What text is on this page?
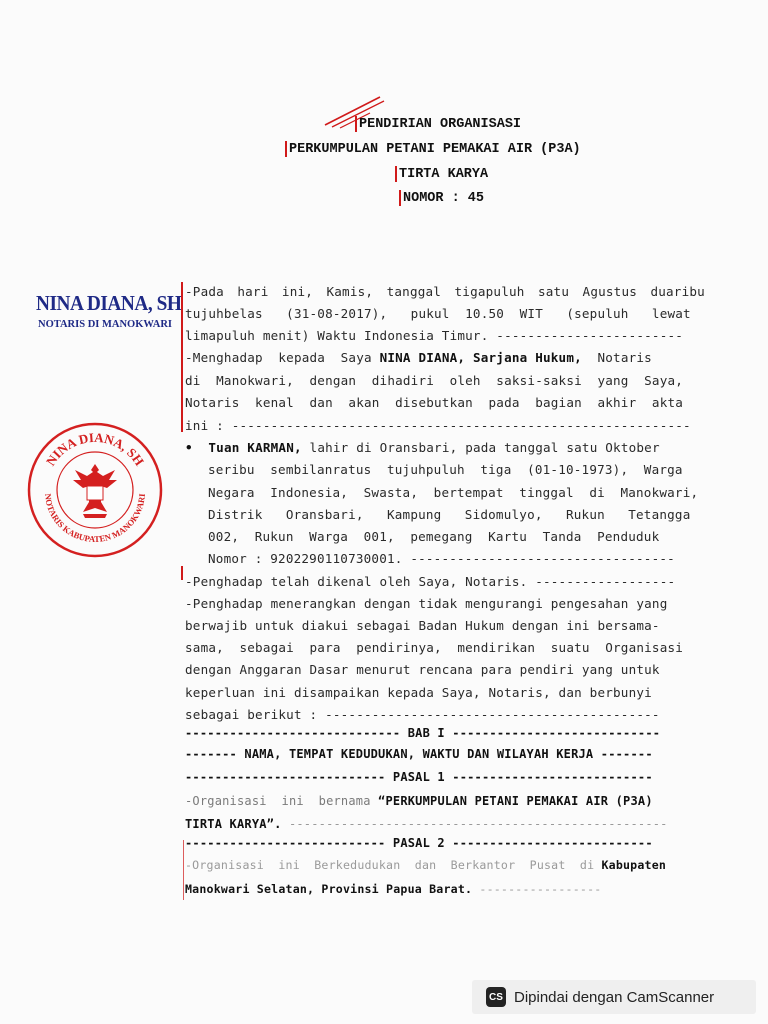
PENDIRIAN ORGANISASI
PERKUMPULAN PETANI PEMAKAI AIR (P3A)
TIRTA KARYA
NOMOR : 45
NINA DIANA, SH
NOTARIS DI MANOKWARI
NINA DIANA, SH
NOTARIS KABUPATEN MANOKWARI
-Pada hari ini, Kamis, tanggal tigapuluh satu Agustus duaribu
tujuhbelas   (31-08-2017),   pukul  10.50  WIT   (sepuluh   lewat
limapuluh menit) Waktu Indonesia Timur. ------------------------
-Menghadap  kepada  Saya NINA DIANA, Sarjana Hukum,  Notaris
di  Manokwari,  dengan  dihadiri  oleh  saksi-saksi  yang  Saya,
Notaris  kenal  dan  akan  disebutkan  pada  bagian  akhir  akta
ini : -----------------------------------------------------------
• Tuan KARMAN, lahir di Oransbari, pada tanggal satu Oktober
seribu  sembilanratus  tujuhpuluh  tiga  (01-10-1973),  Warga
Negara  Indonesia,  Swasta,  bertempat  tinggal  di  Manokwari,
Distrik   Oransbari,   Kampung   Sidomulyo,   Rukun   Tetangga
002,  Rukun  Warga  001,  pemegang  Kartu  Tanda  Penduduk
Nomor : 9202290110730001. ----------------------------------
-Penghadap telah dikenal oleh Saya, Notaris. ------------------
-Penghadap menerangkan dengan tidak mengurangi pengesahan yang
berwajib untuk diakui sebagai Badan Hukum dengan ini bersama-
sama,  sebagai  para  pendirinya,  mendirikan  suatu  Organisasi
dengan Anggaran Dasar menurut rencana para pendiri yang untuk
keperluan ini disampaikan kepada Saya, Notaris, dan berbunyi
sebagai berikut : -------------------------------------------
----------------------------- BAB I ----------------------------
------- NAMA, TEMPAT KEDUDUKAN, WAKTU DAN WILAYAH KERJA -------
--------------------------- PASAL 1 ---------------------------
-Organisasi  ini  bernama “PERKUMPULAN PETANI PEMAKAI AIR (P3A)
TIRTA KARYA”. ---------------------------------------------------
--------------------------- PASAL 2 ---------------------------
-Organisasi  ini  Berkedudukan  dan  Berkantor  Pusat  di Kabupaten
Manokwari Selatan, Provinsi Papua Barat. -----------------
CS Dipindai dengan CamScanner
